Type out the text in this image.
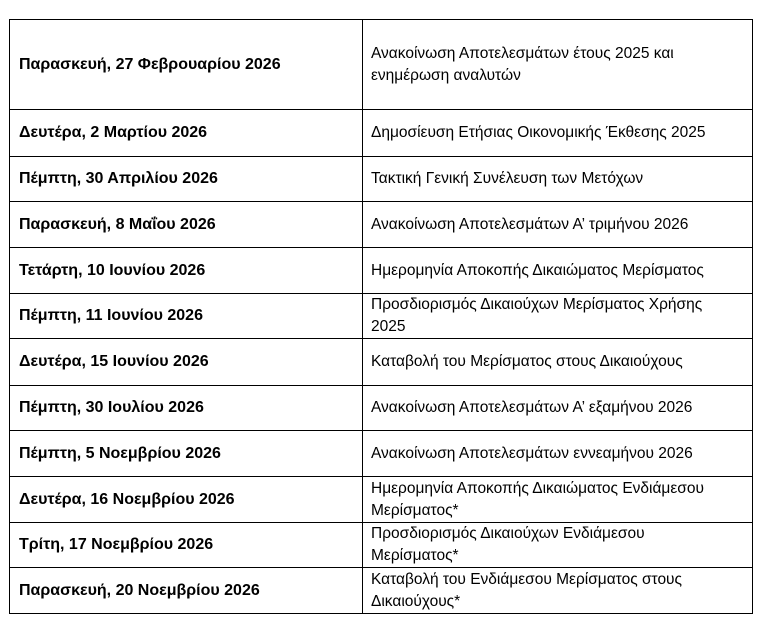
Παρασκευή, 27 Φεβρουαρίου 2026	Ανακοίνωση Αποτελεσμάτων έτους 2025 και ενημέρωση αναλυτών
Δευτέρα, 2 Μαρτίου 2026	Δημοσίευση Ετήσιας Οικονομικής Έκθεσης 2025
Πέμπτη, 30 Απριλίου 2026	Τακτική Γενική Συνέλευση των Μετόχων
Παρασκευή, 8 Μαΐου 2026	Ανακοίνωση Αποτελεσμάτων Α’ τριμήνου 2026
Τετάρτη, 10 Ιουνίου 2026	Ημερομηνία Αποκοπής Δικαιώματος Μερίσματος
Πέμπτη, 11 Ιουνίου 2026	Προσδιορισμός Δικαιούχων Μερίσματος Χρήσης 2025
Δευτέρα, 15 Ιουνίου 2026	Καταβολή του Μερίσματος στους Δικαιούχους
Πέμπτη, 30 Ιουλίου 2026	Ανακοίνωση Αποτελεσμάτων Α’ εξαμήνου 2026
Πέμπτη, 5 Νοεμβρίου 2026	Ανακοίνωση Αποτελεσμάτων εννεαμήνου 2026
Δευτέρα, 16 Νοεμβρίου 2026	Ημερομηνία Αποκοπής Δικαιώματος Ενδιάμεσου Μερίσματος*
Τρίτη, 17 Νοεμβρίου 2026	Προσδιορισμός Δικαιούχων Ενδιάμεσου Μερίσματος*
Παρασκευή, 20 Νοεμβρίου 2026	Καταβολή του Ενδιάμεσου Μερίσματος στους Δικαιούχους*
